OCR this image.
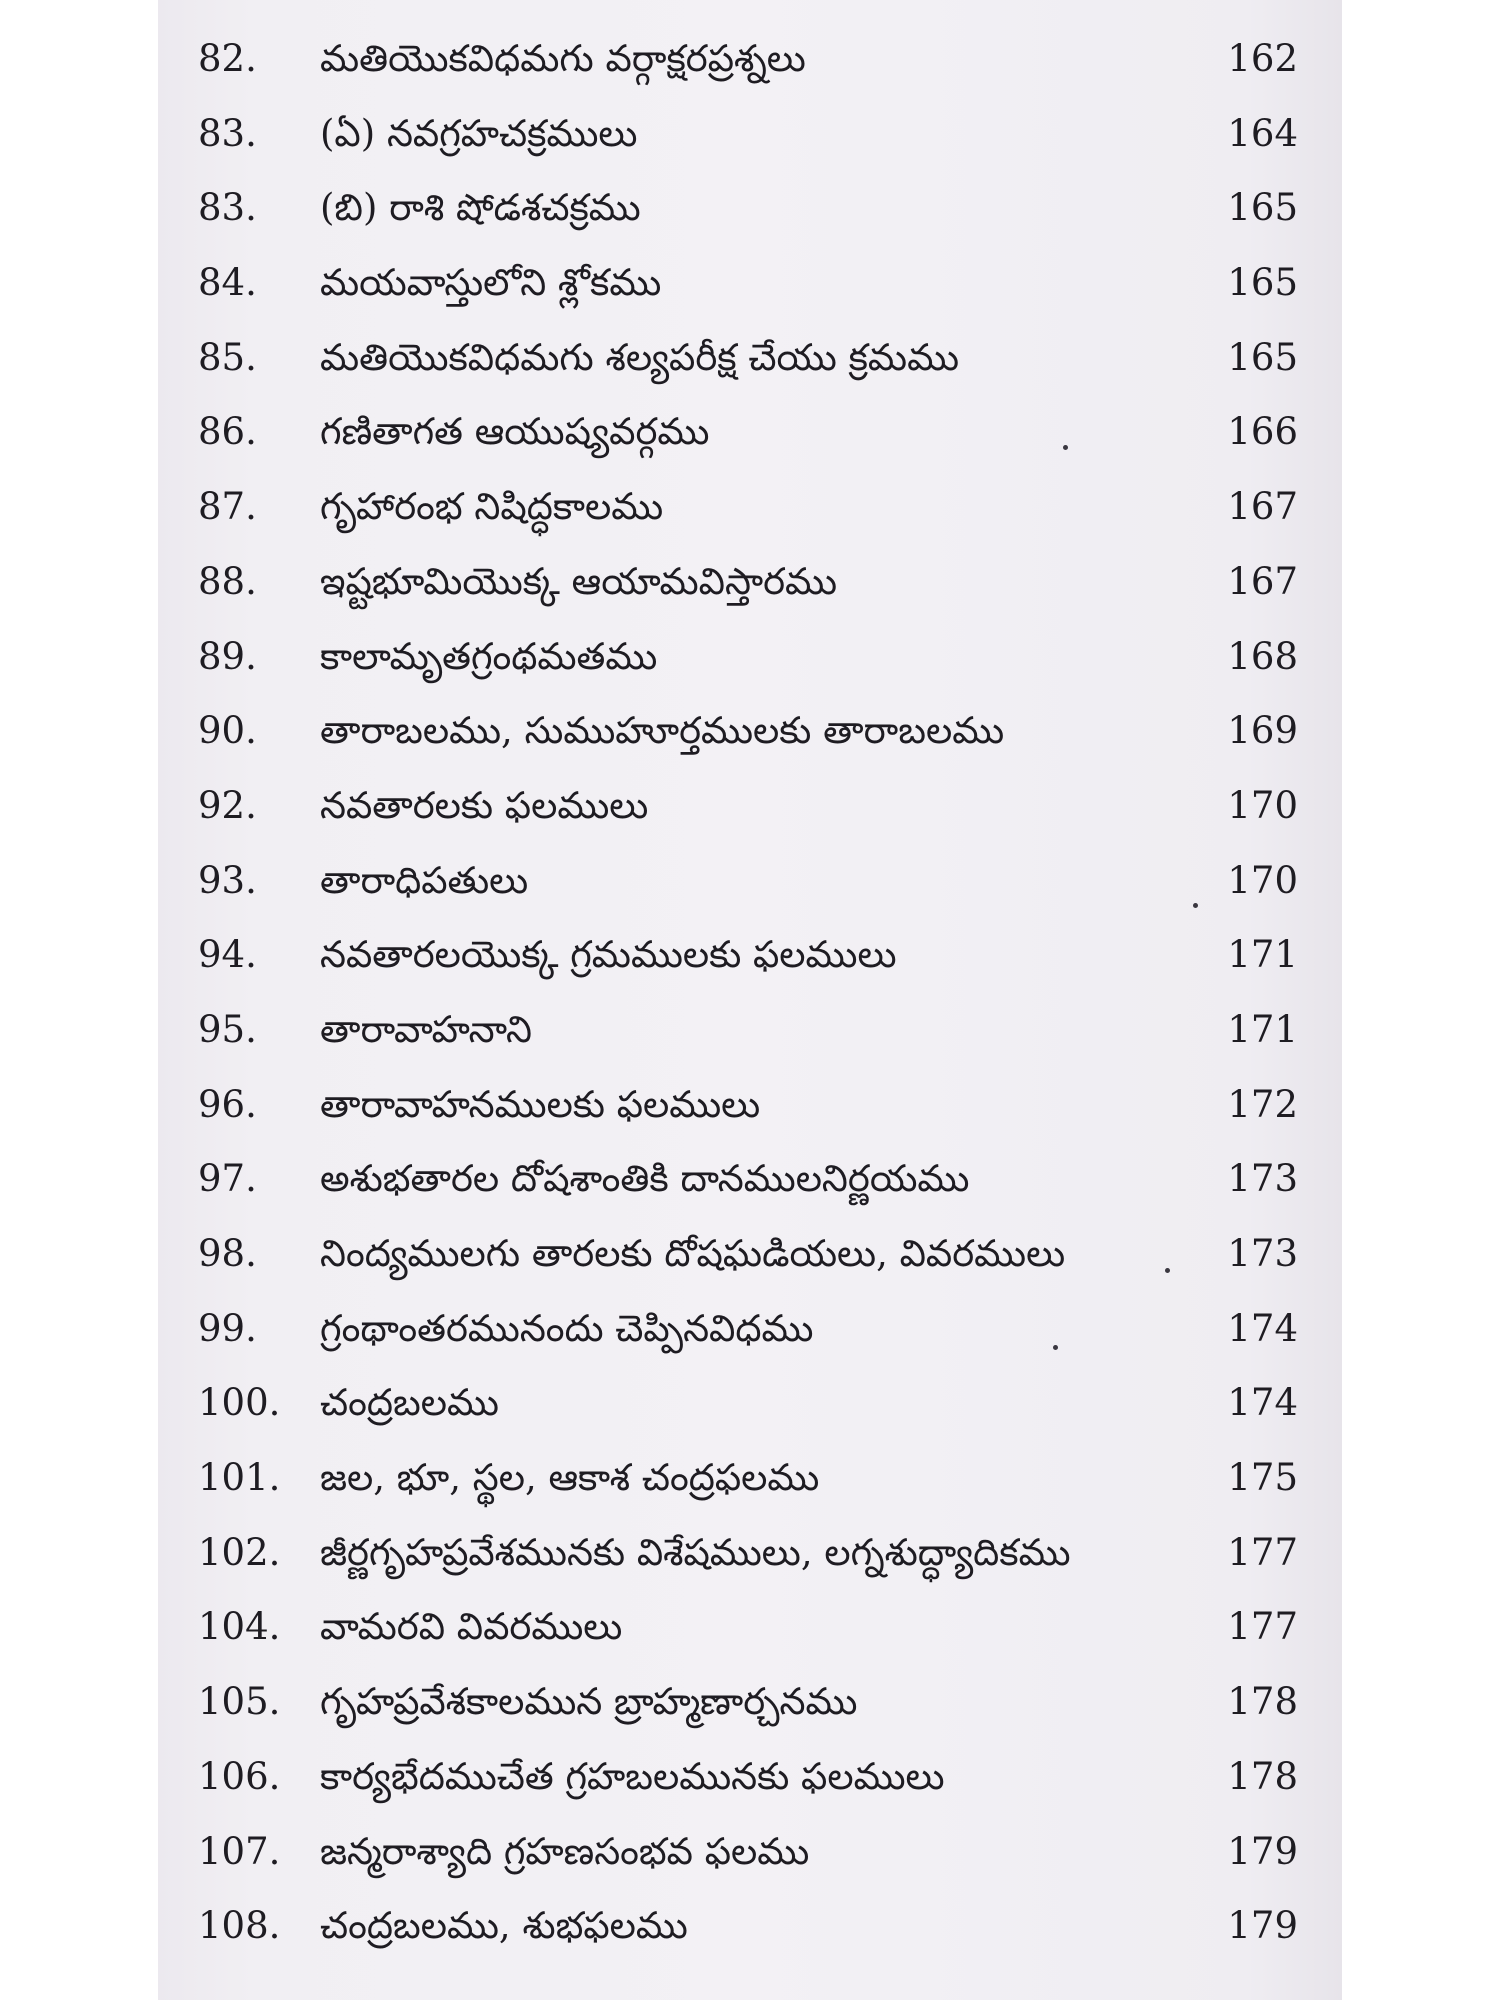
82.	మతియొకవిధమగు వర్గాక్షరప్రశ్నలు	162
83.	(ఏ) నవగ్రహచక్రములు	164
83.	(బి) రాశి షోడశచక్రము	165
84.	మయవాస్తులోని శ్లోకము	165
85.	మతియొకవిధమగు శల్యపరీక్ష చేయు క్రమము	165
86.	గణితాగత ఆయుష్యవర్గము	166
87.	గృహారంభ నిషిద్ధకాలము	167
88.	ఇష్టభూమియొక్క ఆయామవిస్తారము	167
89.	కాలామృతగ్రంథమతము	168
90.	తారాబలము, సుముహూర్తములకు తారాబలము	169
92.	నవతారలకు ఫలములు	170
93.	తారాధిపతులు	170
94.	నవతారలయొక్క గ్రమములకు ఫలములు	171
95.	తారావాహనాని	171
96.	తారావాహనములకు ఫలములు	172
97.	అశుభతారల దోషశాంతికి దానములనిర్ణయము	173
98.	నింద్యములగు తారలకు దోషఘడియలు, వివరములు	173
99.	గ్రంథాంతరమునందు చెప్పినవిధము	174
100.	చంద్రబలము	174
101.	జల, భూ, స్థల, ఆకాశ చంద్రఫలము	175
102.	జీర్ణగృహప్రవేశమునకు విశేషములు, లగ్నశుద్ధ్యాదికము	177
104.	వామరవి వివరములు	177
105.	గృహప్రవేశకాలమున బ్రాహ్మణార్చనము	178
106.	కార్యభేదముచేత గ్రహబలమునకు ఫలములు	178
107.	జన్మరాశ్యాది గ్రహణసంభవ ఫలము	179
108.	చంద్రబలము, శుభఫలము	179
